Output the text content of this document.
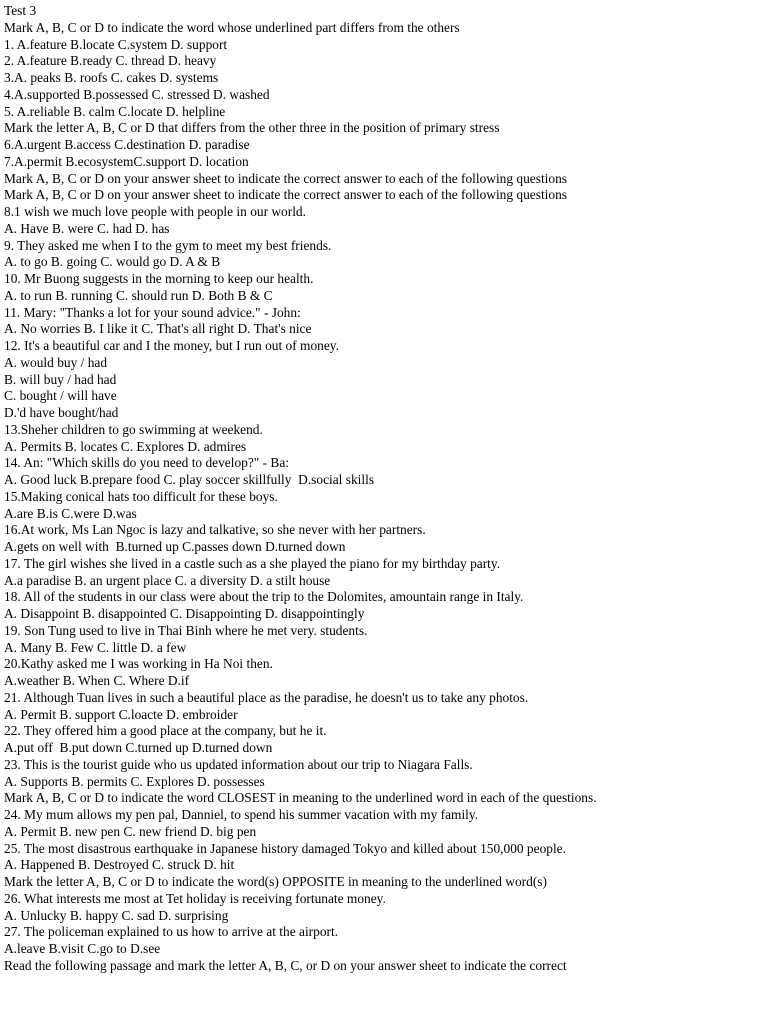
Test 3
Mark A, B, C or D to indicate the word whose underlined part differs from the others
1. A.feature B.locate C.system D. support
2. A.feature B.ready C. thread D. heavy
3.A. peaks B. roofs C. cakes D. systems
4.A.supported B.possessed C. stressed D. washed
5. A.reliable B. calm C.locate D. helpline
Mark the letter A, B, C or D that differs from the other three in the position of primary stress
6.A.urgent B.access C.destination D. paradise
7.A.permit B.ecosystemC.support D. location
Mark A, B, C or D on your answer sheet to indicate the correct answer to each of the following questions
Mark A, B, C or D on your answer sheet to indicate the correct answer to each of the following questions
8.1 wish we much love people with people in our world.
A. Have B. were C. had D. has
9. They asked me when I to the gym to meet my best friends.
A. to go B. going C. would go D. A & B
10. Mr Buong suggests in the morning to keep our health.
A. to run B. running C. should run D. Both B & C
11. Mary: "Thanks a lot for your sound advice." - John:
A. No worries B. I like it C. That's all right D. That's nice
12. It's a beautiful car and I the money, but I run out of money.
A. would buy / had
B. will buy / had had
C. bought / will have
D.'d have bought/had
13.Sheher children to go swimming at weekend.
A. Permits B. locates C. Explores D. admires
14. An: "Which skills do you need to develop?" - Ba:
A. Good luck B.prepare food C. play soccer skillfully  D.social skills
15.Making conical hats too difficult for these boys.
A.are B.is C.were D.was
16.At work, Ms Lan Ngoc is lazy and talkative, so she never with her partners.
A.gets on well with  B.turned up C.passes down D.turned down
17. The girl wishes she lived in a castle such as a she played the piano for my birthday party.
A.a paradise B. an urgent place C. a diversity D. a stilt house
18. All of the students in our class were about the trip to the Dolomites, amountain range in Italy.
A. Disappoint B. disappointed C. Disappointing D. disappointingly
19. Son Tung used to live in Thai Binh where he met very. students.
A. Many B. Few C. little D. a few
20.Kathy asked me I was working in Ha Noi then.
A.weather B. When C. Where D.if
21. Although Tuan lives in such a beautiful place as the paradise, he doesn't us to take any photos.
A. Permit B. support C.loacte D. embroider
22. They offered him a good place at the company, but he it.
A.put off  B.put down C.turned up D.turned down
23. This is the tourist guide who us updated information about our trip to Niagara Falls.
A. Supports B. permits C. Explores D. possesses
Mark A, B, C or D to indicate the word CLOSEST in meaning to the underlined word in each of the questions.
24. My mum allows my pen pal, Danniel, to spend his summer vacation with my family.
A. Permit B. new pen C. new friend D. big pen
25. The most disastrous earthquake in Japanese history damaged Tokyo and killed about 150,000 people.
A. Happened B. Destroyed C. struck D. hit
Mark the letter A, B, C or D to indicate the word(s) OPPOSITE in meaning to the underlined word(s)
26. What interests me most at Tet holiday is receiving fortunate money.
A. Unlucky B. happy C. sad D. surprising
27. The policeman explained to us how to arrive at the airport.
A.leave B.visit C.go to D.see
Read the following passage and mark the letter A, B, C, or D on your answer sheet to indicate the correct
